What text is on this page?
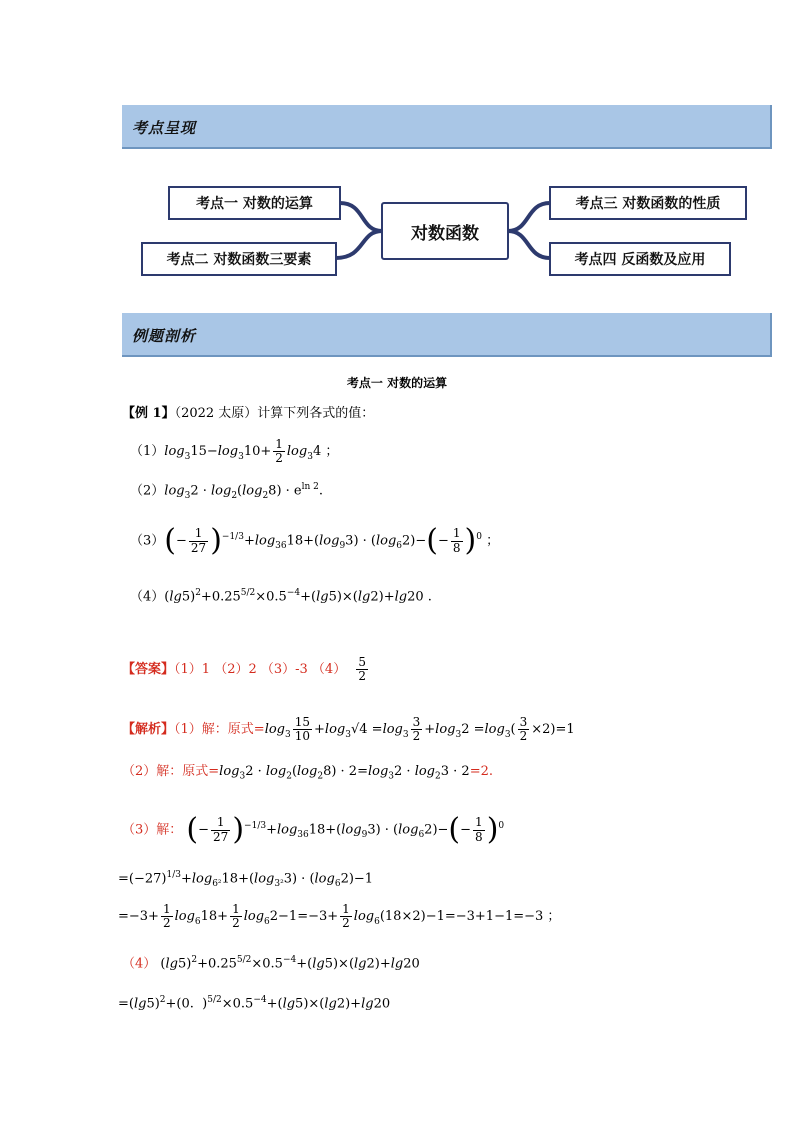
考点呈现
考点一 对数的运算
考点二 对数函数三要素
对数函数
考点三 对数函数的性质
考点四 反函数及应用
例题剖析
考点一 对数的运算
【例 1】（2022 太原）计算下列各式的值：
$(1)\log_315-\log_310+ \frac{1}{2} \log_34$ ；
$(2)\log_32 \cdot \log_2(\log_28) \cdot e^{ln 2}$.
$(3)(- \frac{1}{27} )^{-1/3}+\log_{36}18+(\log_93) \cdot (\log_62)-(- \frac{1}{8} )^0$ ；
$(4)(\lg 5)^2+0.25^{5/2}\times 0.5^{-4}+(\lg 5)\times(\lg 2)+\lg 20$ .
【答案】（1）1 （2）2 （3）-3 $(4) \frac{5}{2}$
【解析】（1）解：原式$=\log_3 \frac{15}{10} +\log_3√4 =\log_3 \frac{3}{2} +\log_32 =\log_3( \frac{3}{2} \times 2)=1$
（2）解：原式$=\log_32 \cdot \log_2(\log_28) \cdot 2=\log_32 \cdot \log_23 \cdot 2=2$.
（3）解： (− $\frac{1}{27} )^{-1/3}+\log_{36}18+(\log_93) \cdot (\log_62)-(- \frac{1}{8} )^0$
$=(-27)^{1/3}+\log_{6^2}18+(\log_{3^2}3) \cdot (\log_62)-1$
$=-3+ \frac{1}{2} \log_618+ \frac{1}{2} \log_62-1=-3+ \frac{1}{2} \log_6(18\times 2)-1=-3+1-1=-3$ ；
（4） $(\lg 5)^2+0.25^{5/2}\times 0.5^{-4}+(\lg 5)\times(\lg 2)+\lg 20$
$=(\lg 5)^2+(0$.  )$^{5/2}\times 0.5^{-4}+(\lg 5)\times(\lg 2)+\lg 20$
